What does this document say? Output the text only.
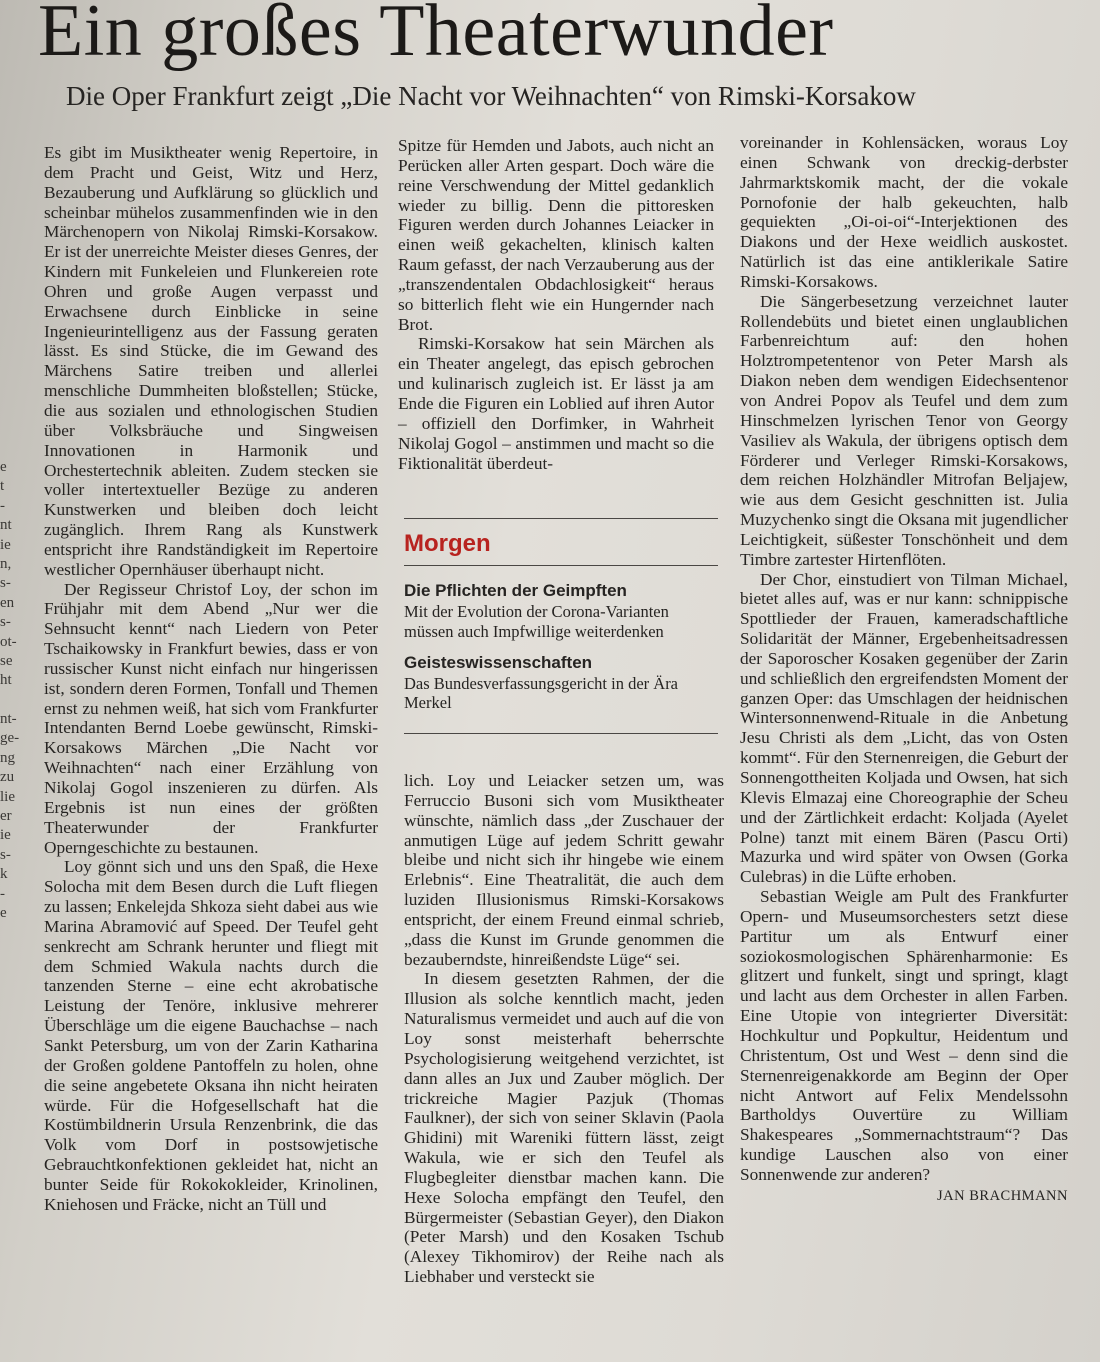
Ein großes Theaterwunder
Die Oper Frankfurt zeigt „Die Nacht vor Weihnachten“ von Rimski-Korsakow
e
t
-
nt
ie
n,
s-
en
s-
ot-
se
ht
nt-
ge-
ng
zu
lie
er
ie
s-
k
-
e

Es gibt im Musiktheater wenig Repertoire, in dem Pracht und Geist, Witz und Herz, Bezauberung und Aufklärung so glücklich und scheinbar mühelos zusammenfinden wie in den Märchenopern von Nikolaj Rimski-Korsakow. Er ist der unerreichte Meister dieses Genres, der Kindern mit Funkeleien und Flunkereien rote Ohren und große Augen verpasst und Erwachsene durch Einblicke in seine Ingenieurintelligenz aus der Fassung geraten lässt. Es sind Stücke, die im Gewand des Märchens Satire treiben und allerlei menschliche Dummheiten bloßstellen; Stücke, die aus sozialen und ethnologischen Studien über Volksbräuche und Singweisen Innovationen in Harmonik und Orchestertechnik ableiten. Zudem stecken sie voller intertextueller Bezüge zu anderen Kunstwerken und bleiben doch leicht zugänglich. Ihrem Rang als Kunstwerk entspricht ihre Randständigkeit im Repertoire westlicher Opernhäuser überhaupt nicht.

Der Regisseur Christof Loy, der schon im Frühjahr mit dem Abend „Nur wer die Sehnsucht kennt“ nach Liedern von Peter Tschaikowsky in Frankfurt bewies, dass er von russischer Kunst nicht einfach nur hingerissen ist, sondern deren Formen, Tonfall und Themen ernst zu nehmen weiß, hat sich vom Frankfurter Intendanten Bernd Loebe gewünscht, Rimski-Korsakows Märchen „Die Nacht vor Weihnachten“ nach einer Erzählung von Nikolaj Gogol inszenieren zu dürfen. Als Ergebnis ist nun eines der größten Theaterwunder der Frankfurter Operngeschichte zu bestaunen.

Loy gönnt sich und uns den Spaß, die Hexe Solocha mit dem Besen durch die Luft fliegen zu lassen; Enkelejda Shkoza sieht dabei aus wie Marina Abramović auf Speed. Der Teufel geht senkrecht am Schrank herunter und fliegt mit dem Schmied Wakula nachts durch die tanzenden Sterne – eine echt akrobatische Leistung der Tenöre, inklusive mehrerer Überschläge um die eigene Bauchachse – nach Sankt Petersburg, um von der Zarin Katharina der Großen goldene Pantoffeln zu holen, ohne die seine angebetete Oksana ihn nicht heiraten würde. Für die Hofgesellschaft hat die Kostümbildnerin Ursula Renzenbrink, die das Volk vom Dorf in postsowjetische Gebrauchtkonfektionen gekleidet hat, nicht an bunter Seide für Rokokokleider, Krinolinen, Kniehosen und Fräcke, nicht an Tüll und

Spitze für Hemden und Jabots, auch nicht an Perücken aller Arten gespart. Doch wäre die reine Verschwendung der Mittel gedanklich wieder zu billig. Denn die pittoresken Figuren werden durch Johannes Leiacker in einen weiß gekachelten, klinisch kalten Raum gefasst, der nach Verzauberung aus der „transzendentalen Obdachlosigkeit“ heraus so bitterlich fleht wie ein Hungernder nach Brot.

Rimski-Korsakow hat sein Märchen als ein Theater angelegt, das episch gebrochen und kulinarisch zugleich ist. Er lässt ja am Ende die Figuren ein Loblied auf ihren Autor – offiziell den Dorfimker, in Wahrheit Nikolaj Gogol – anstimmen und macht so die Fiktionalität überdeut-

Morgen
Die Pflichten der Geimpften
Mit der Evolution der Corona-Varianten müssen auch Impfwillige weiterdenken
Geisteswissenschaften
Das Bundesverfassungsgericht in der Ära Merkel

lich. Loy und Leiacker setzen um, was Ferruccio Busoni sich vom Musiktheater wünschte, nämlich dass „der Zuschauer der anmutigen Lüge auf jedem Schritt gewahr bleibe und nicht sich ihr hingebe wie einem Erlebnis“. Eine Theatralität, die auch dem luziden Illusionismus Rimski-Korsakows entspricht, der einem Freund einmal schrieb, „dass die Kunst im Grunde genommen die bezauberndste, hinreißendste Lüge“ sei.

In diesem gesetzten Rahmen, der die Illusion als solche kenntlich macht, jeden Naturalismus vermeidet und auch auf die von Loy sonst meisterhaft beherrschte Psychologisierung weitgehend verzichtet, ist dann alles an Jux und Zauber möglich. Der trickreiche Magier Pazjuk (Thomas Faulkner), der sich von seiner Sklavin (Paola Ghidini) mit Wareniki füttern lässt, zeigt Wakula, wie er sich den Teufel als Flugbegleiter dienstbar machen kann. Die Hexe Solocha empfängt den Teufel, den Bürgermeister (Sebastian Geyer), den Diakon (Peter Marsh) und den Kosaken Tschub (Alexey Tikhomirov) der Reihe nach als Liebhaber und versteckt sie

voreinander in Kohlensäcken, woraus Loy einen Schwank von dreckig-derbster Jahrmarktskomik macht, der die vokale Pornofonie der halb gekeuchten, halb gequiekten „Oi-oi-oi“-Interjektionen des Diakons und der Hexe weidlich auskostet. Natürlich ist das eine antiklerikale Satire Rimski-Korsakows.

Die Sängerbesetzung verzeichnet lauter Rollendebüts und bietet einen unglaublichen Farbenreichtum auf: den hohen Holztrompetentenor von Peter Marsh als Diakon neben dem wendigen Eidechsentenor von Andrei Popov als Teufel und dem zum Hinschmelzen lyrischen Tenor von Georgy Vasiliev als Wakula, der übrigens optisch dem Förderer und Verleger Rimski-Korsakows, dem reichen Holzhändler Mitrofan Beljajew, wie aus dem Gesicht geschnitten ist. Julia Muzychenko singt die Oksana mit jugendlicher Leichtigkeit, süßester Tonschönheit und dem Timbre zartester Hirtenflöten.

Der Chor, einstudiert von Tilman Michael, bietet alles auf, was er nur kann: schnippische Spottlieder der Frauen, kameradschaftliche Solidarität der Männer, Ergebenheitsadressen der Saporoscher Kosaken gegenüber der Zarin und schließlich den ergreifendsten Moment der ganzen Oper: das Umschlagen der heidnischen Wintersonnenwend-Rituale in die Anbetung Jesu Christi als dem „Licht, das von Osten kommt“. Für den Sternenreigen, die Geburt der Sonnengottheiten Koljada und Owsen, hat sich Klevis Elmazaj eine Choreographie der Scheu und der Zärtlichkeit erdacht: Koljada (Ayelet Polne) tanzt mit einem Bären (Pascu Orti) Mazurka und wird später von Owsen (Gorka Culebras) in die Lüfte erhoben.

Sebastian Weigle am Pult des Frankfurter Opern- und Museumsorchesters setzt diese Partitur um als Entwurf einer soziokosmologischen Sphärenharmonie: Es glitzert und funkelt, singt und springt, klagt und lacht aus dem Orchester in allen Farben. Eine Utopie von integrierter Diversität: Hochkultur und Popkultur, Heidentum und Christentum, Ost und West – denn sind die Sternenreigenakkorde am Beginn der Oper nicht Antwort auf Felix Mendelssohn Bartholdys Ouvertüre zu William Shakespeares „Sommernachtstraum“? Das kundige Lauschen also von einer Sonnenwende zur anderen?
JAN BRACHMANN
